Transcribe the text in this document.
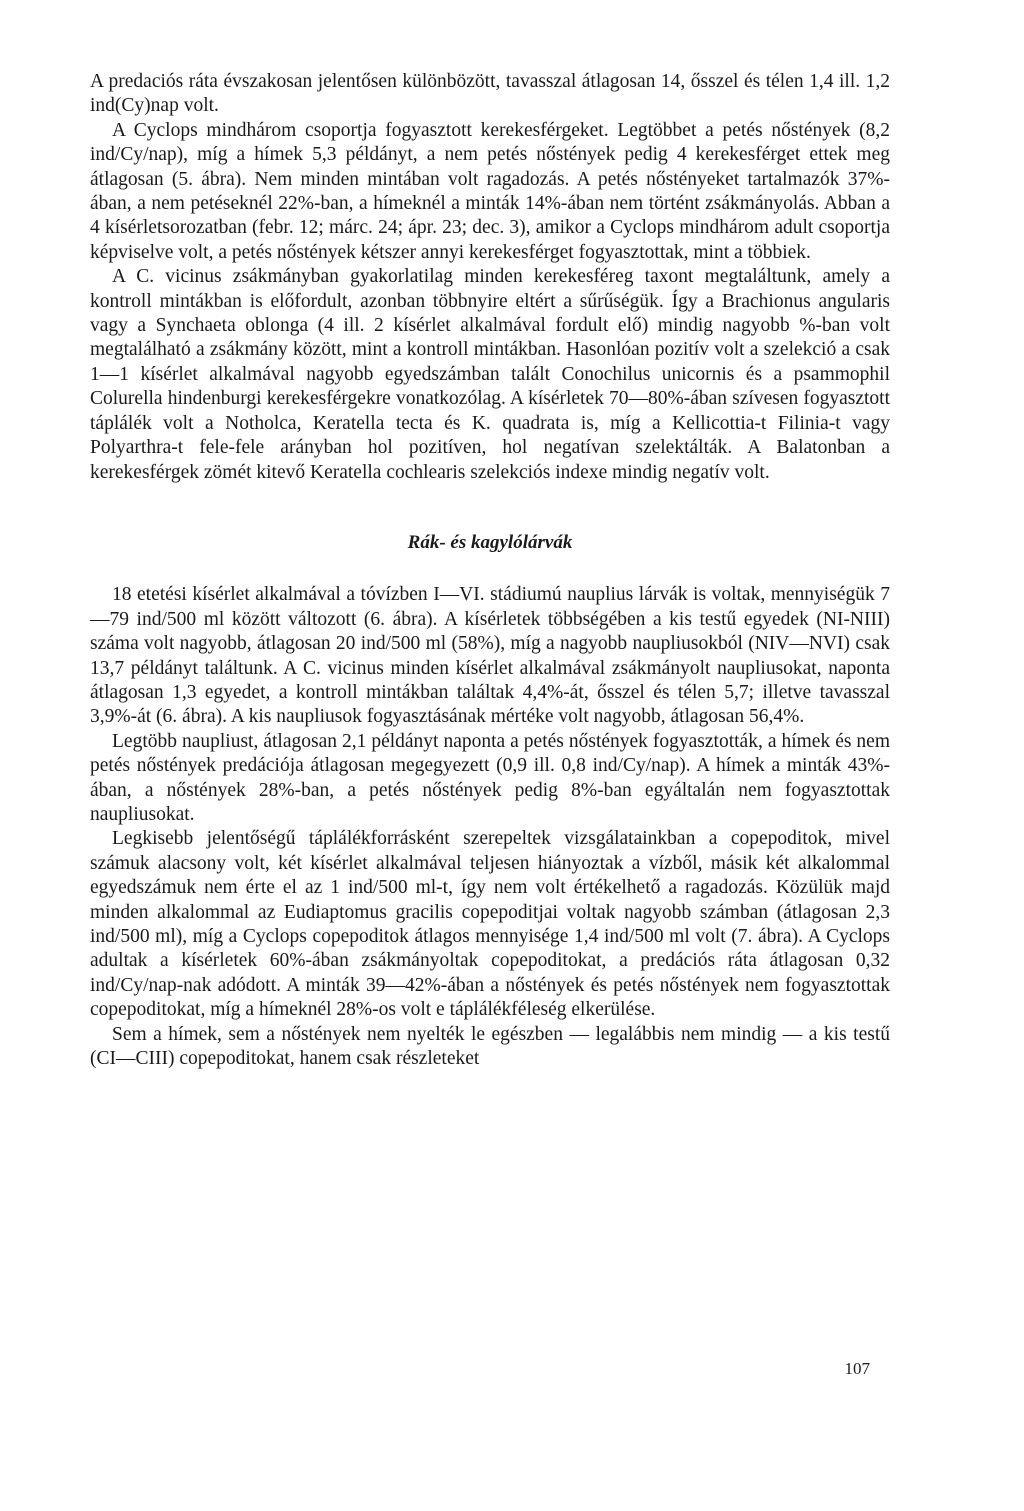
A predaciós ráta évszakosan jelentősen különbözött, tavasszal átlagosan 14, ősszel és télen 1,4 ill. 1,2 ind(Cy)nap volt.

A Cyclops mindhárom csoportja fogyasztott kerekesférgeket. Legtöbbet a petés nőstények (8,2 ind/Cy/nap), míg a hímek 5,3 példányt, a nem petés nőstények pedig 4 kerekesférget ettek meg átlagosan (5. ábra). Nem minden mintában volt ragadozás. A petés nőstényeket tartalmazók 37%-ában, a nem petéseknél 22%-ban, a hímeknél a minták 14%-ában nem történt zsákmányolás. Abban a 4 kísérletsorozatban (febr. 12; márc. 24; ápr. 23; dec. 3), amikor a Cyclops mindhárom adult csoportja képviselve volt, a petés nőstények kétszer annyi kerekesférget fogyasztottak, mint a többiek.

A C. vicinus zsákmányban gyakorlatilag minden kerekesféreg taxont megtaláltunk, amely a kontroll mintákban is előfordult, azonban többnyire eltért a sűrűségük. Így a Brachionus angularis vagy a Synchaeta oblonga (4 ill. 2 kísérlet alkalmával fordult elő) mindig nagyobb %-ban volt megtalálható a zsákmány között, mint a kontroll mintákban. Hasonlóan pozitív volt a szelekció a csak 1—1 kísérlet alkalmával nagyobb egyedszámban talált Conochilus unicornis és a psammophil Colurella hindenburgi kerekesférgekre vonatkozólag. A kísérletek 70—80%-ában szívesen fogyasztott táplálék volt a Notholca, Keratella tecta és K. quadrata is, míg a Kellicottia-t Filinia-t vagy Polyarthra-t fele-fele arányban hol pozitíven, hol negatívan szelektálták. A Balatonban a kerekesférgek zömét kitevő Keratella cochlearis szelekciós indexe mindig negatív volt.

Rák- és kagylólárvák

18 etetési kísérlet alkalmával a tóvízben I—VI. stádiumú nauplius lárvák is voltak, mennyiségük 7—79 ind/500 ml között változott (6. ábra). A kísérletek többségében a kis testű egyedek (NI-NIII) száma volt nagyobb, átlagosan 20 ind/500 ml (58%), míg a nagyobb naupliusokból (NIV—NVI) csak 13,7 példányt találtunk. A C. vicinus minden kísérlet alkalmával zsákmányolt naupliusokat, naponta átlagosan 1,3 egyedet, a kontroll mintákban találtak 4,4%-át, ősszel és télen 5,7; illetve tavasszal 3,9%-át (6. ábra). A kis naupliusok fogyasztásának mértéke volt nagyobb, átlagosan 56,4%.

Legtöbb naupliust, átlagosan 2,1 példányt naponta a petés nőstények fogyasztották, a hímek és nem petés nőstények predációja átlagosan megegyezett (0,9 ill. 0,8 ind/Cy/nap). A hímek a minták 43%-ában, a nőstények 28%-ban, a petés nőstények pedig 8%-ban egyáltalán nem fogyasztottak naupliusokat.

Legkisebb jelentőségű táplálékforrásként szerepeltek vizsgálatainkban a copepoditok, mivel számuk alacsony volt, két kísérlet alkalmával teljesen hiányoztak a vízből, másik két alkalommal egyedszámuk nem érte el az 1 ind/500 ml-t, így nem volt értékelhető a ragadozás. Közülük majd minden alkalommal az Eudiaptomus gracilis copepoditjai voltak nagyobb számban (átlagosan 2,3 ind/500 ml), míg a Cyclops copepoditok átlagos mennyisége 1,4 ind/500 ml volt (7. ábra). A Cyclops adultak a kísérletek 60%-ában zsákmányoltak copepoditokat, a predációs ráta átlagosan 0,32 ind/Cy/nap-nak adódott. A minták 39—42%-ában a nőstények és petés nőstények nem fogyasztottak copepoditokat, míg a hímeknél 28%-os volt e táplálékféleség elkerülése.

Sem a hímek, sem a nőstények nem nyelték le egészben — legalábbis nem mindig — a kis testű (CI—CIII) copepoditokat, hanem csak részleteket

107
